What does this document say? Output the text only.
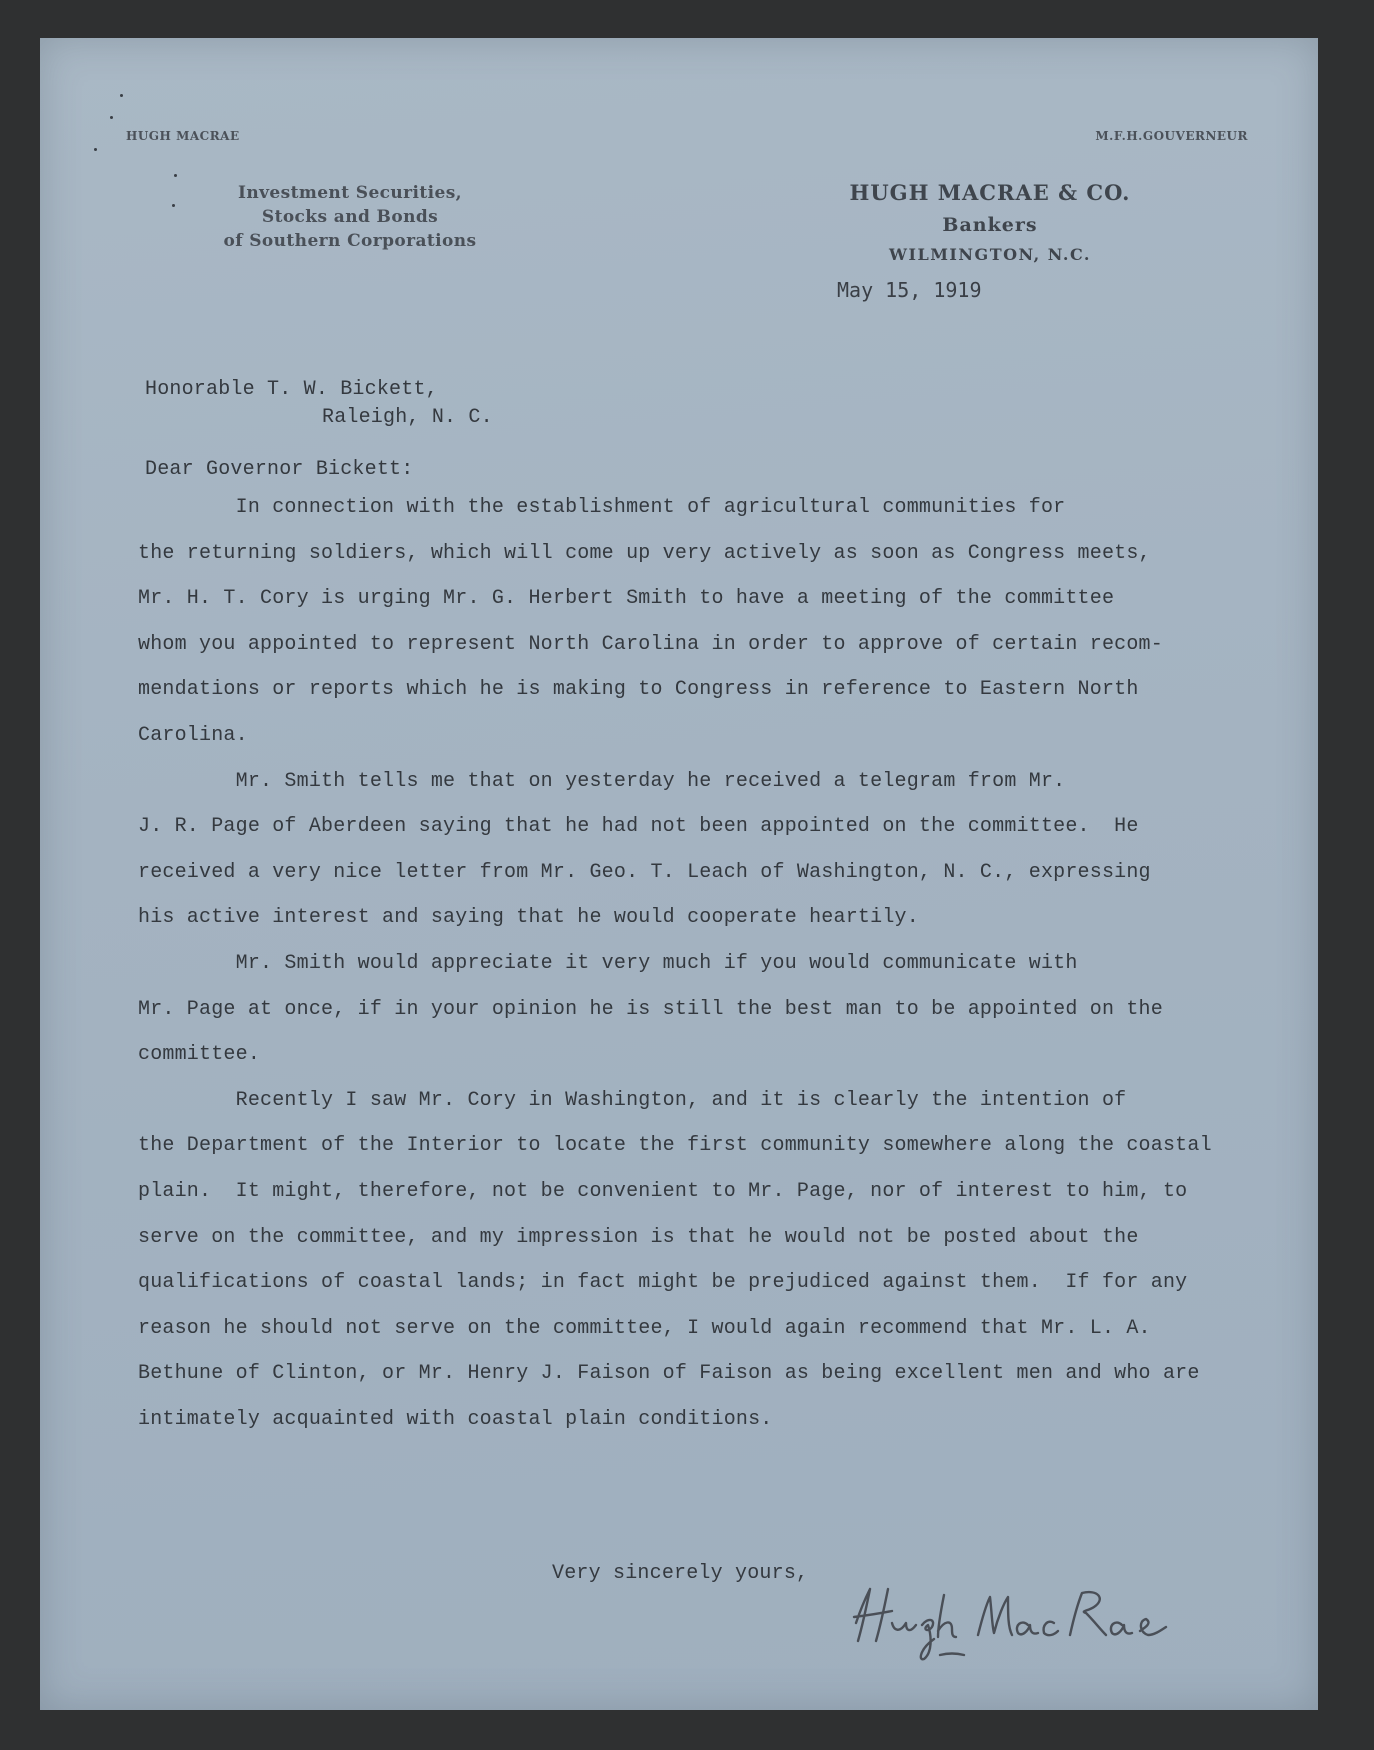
HUGH MACRAE	M.F.H.GOUVERNEUR
Investment Securities,
Stocks and Bonds
of Southern Corporations
HUGH MACRAE & CO.
Bankers
WILMINGTON, N.C.
May 15, 1919
Honorable T. W. Bickett,
Raleigh, N. C.
Dear Governor Bickett:
In connection with the establishment of agricultural communities for
the returning soldiers, which will come up very actively as soon as Congress meets,
Mr. H. T. Cory is urging Mr. G. Herbert Smith to have a meeting of the committee
whom you appointed to represent North Carolina in order to approve of certain recom-
mendations or reports which he is making to Congress in reference to Eastern North
Carolina.
Mr. Smith tells me that on yesterday he received a telegram from Mr.
J. R. Page of Aberdeen saying that he had not been appointed on the committee.  He
received a very nice letter from Mr. Geo. T. Leach of Washington, N. C., expressing
his active interest and saying that he would cooperate heartily.
Mr. Smith would appreciate it very much if you would communicate with
Mr. Page at once, if in your opinion he is still the best man to be appointed on the
committee.
Recently I saw Mr. Cory in Washington, and it is clearly the intention of
the Department of the Interior to locate the first community somewhere along the coastal
plain.  It might, therefore, not be convenient to Mr. Page, nor of interest to him, to
serve on the committee, and my impression is that he would not be posted about the
qualifications of coastal lands; in fact might be prejudiced against them.  If for any
reason he should not serve on the committee, I would again recommend that Mr. L. A.
Bethune of Clinton, or Mr. Henry J. Faison of Faison as being excellent men and who are
intimately acquainted with coastal plain conditions.
Very sincerely yours,
